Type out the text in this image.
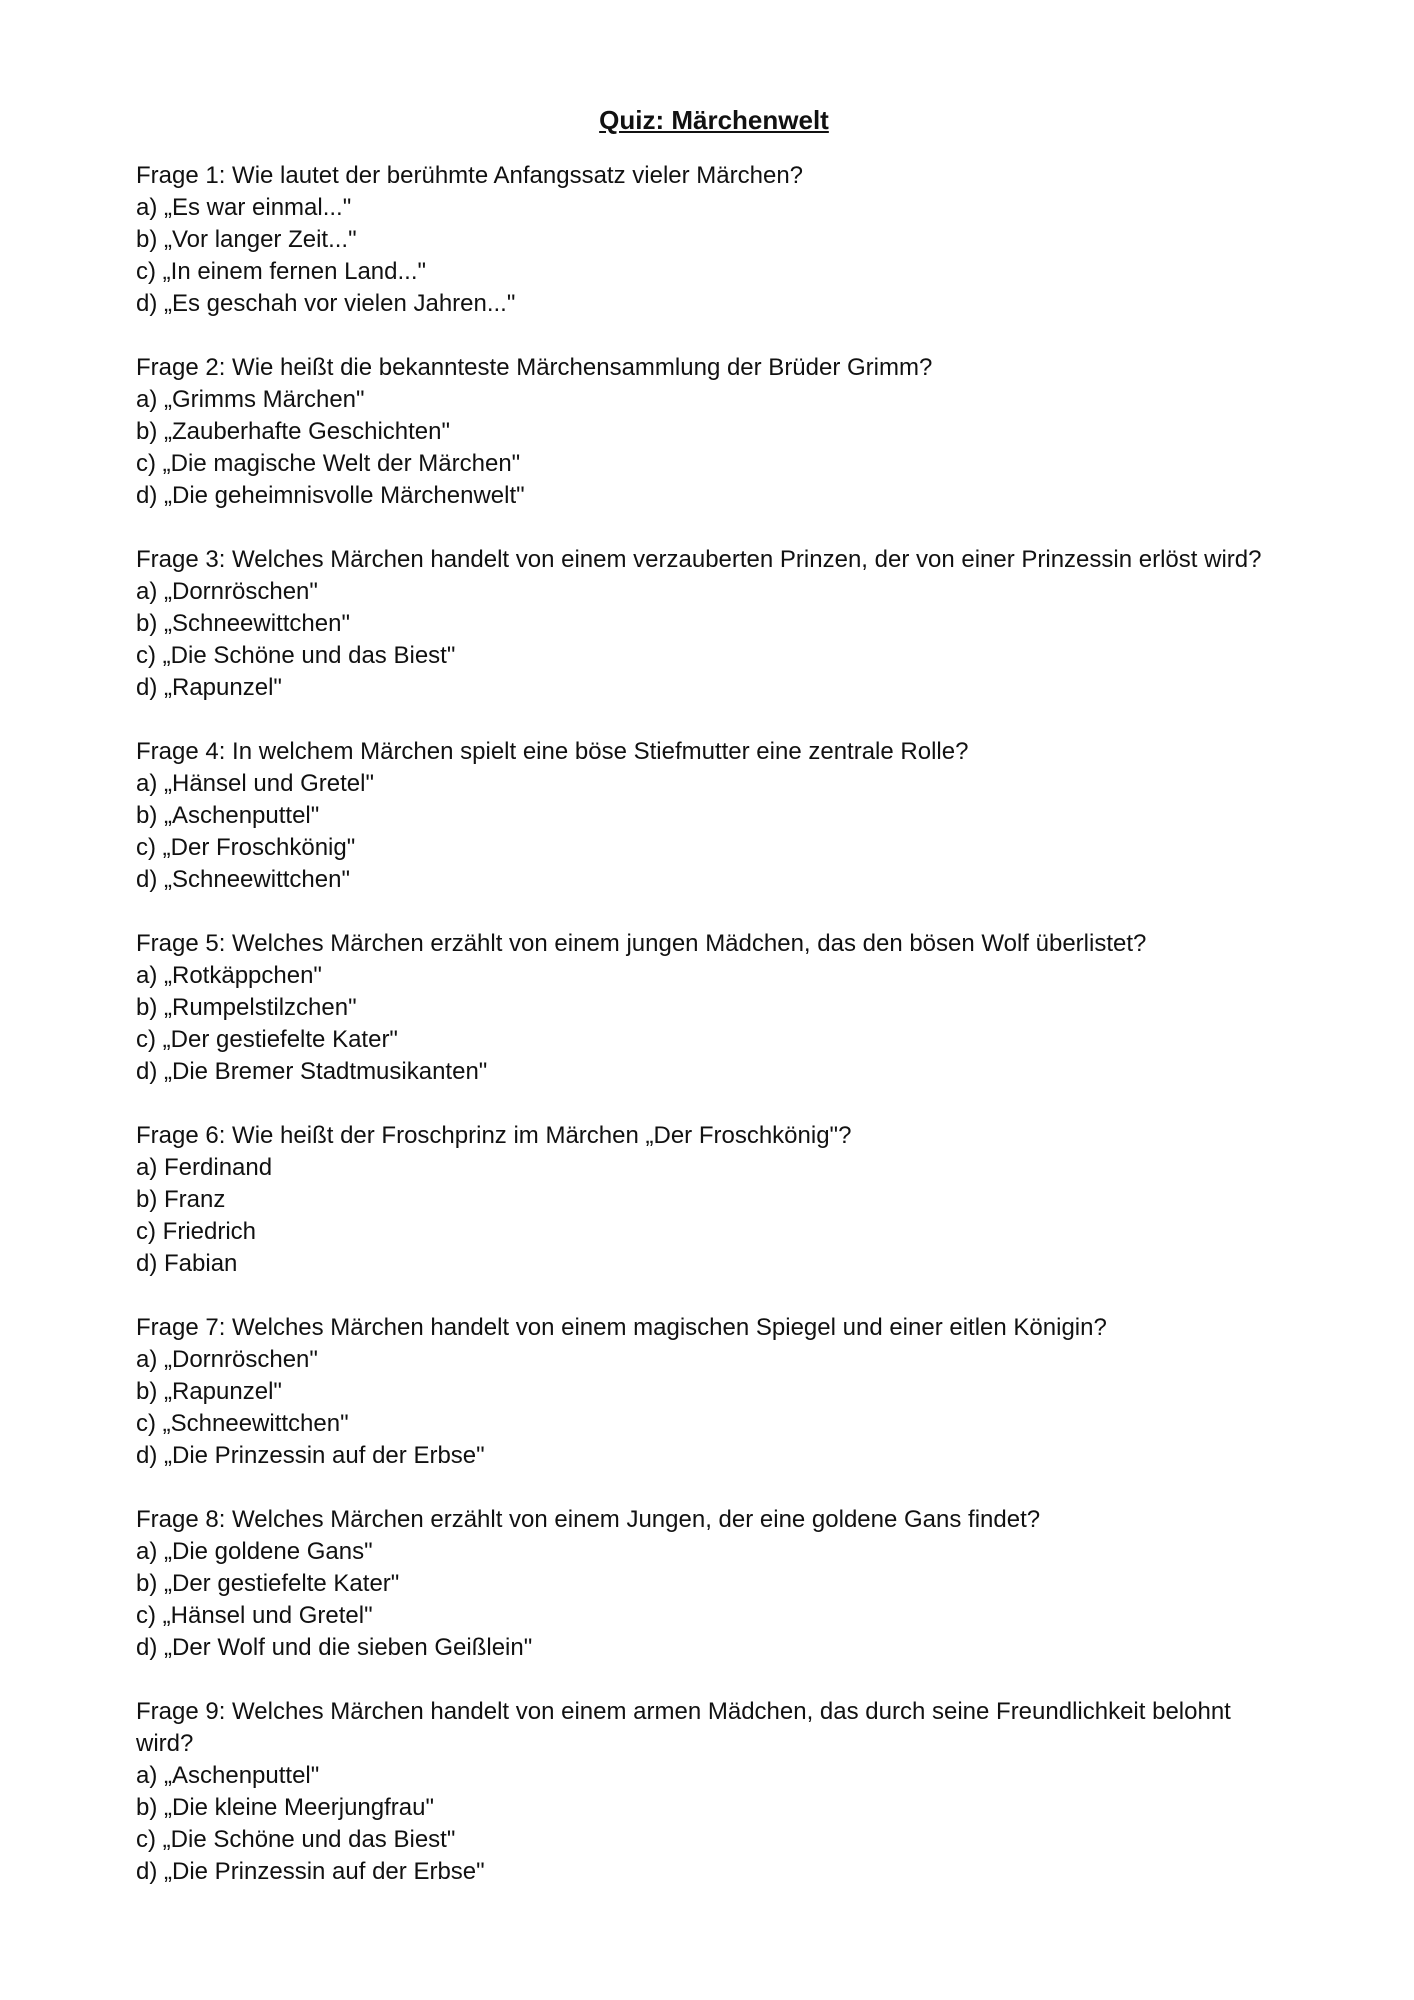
Quiz: Märchenwelt
Frage 1: Wie lautet der berühmte Anfangssatz vieler Märchen?
a) „Es war einmal..."
b) „Vor langer Zeit..."
c) „In einem fernen Land..."
d) „Es geschah vor vielen Jahren..."
Frage 2: Wie heißt die bekannteste Märchensammlung der Brüder Grimm?
a) „Grimms Märchen"
b) „Zauberhafte Geschichten"
c) „Die magische Welt der Märchen"
d) „Die geheimnisvolle Märchenwelt"
Frage 3: Welches Märchen handelt von einem verzauberten Prinzen, der von einer Prinzessin erlöst wird?
a) „Dornröschen"
b) „Schneewittchen"
c) „Die Schöne und das Biest"
d) „Rapunzel"
Frage 4: In welchem Märchen spielt eine böse Stiefmutter eine zentrale Rolle?
a) „Hänsel und Gretel"
b) „Aschenputtel"
c) „Der Froschkönig"
d) „Schneewittchen"
Frage 5: Welches Märchen erzählt von einem jungen Mädchen, das den bösen Wolf überlistet?
a) „Rotkäppchen"
b) „Rumpelstilzchen"
c) „Der gestiefelte Kater"
d) „Die Bremer Stadtmusikanten"
Frage 6: Wie heißt der Froschprinz im Märchen „Der Froschkönig"?
a) Ferdinand
b) Franz
c) Friedrich
d) Fabian
Frage 7: Welches Märchen handelt von einem magischen Spiegel und einer eitlen Königin?
a) „Dornröschen"
b) „Rapunzel"
c) „Schneewittchen"
d) „Die Prinzessin auf der Erbse"
Frage 8: Welches Märchen erzählt von einem Jungen, der eine goldene Gans findet?
a) „Die goldene Gans"
b) „Der gestiefelte Kater"
c) „Hänsel und Gretel"
d) „Der Wolf und die sieben Geißlein"
Frage 9: Welches Märchen handelt von einem armen Mädchen, das durch seine Freundlichkeit belohnt wird?
a) „Aschenputtel"
b) „Die kleine Meerjungfrau"
c) „Die Schöne und das Biest"
d) „Die Prinzessin auf der Erbse"
